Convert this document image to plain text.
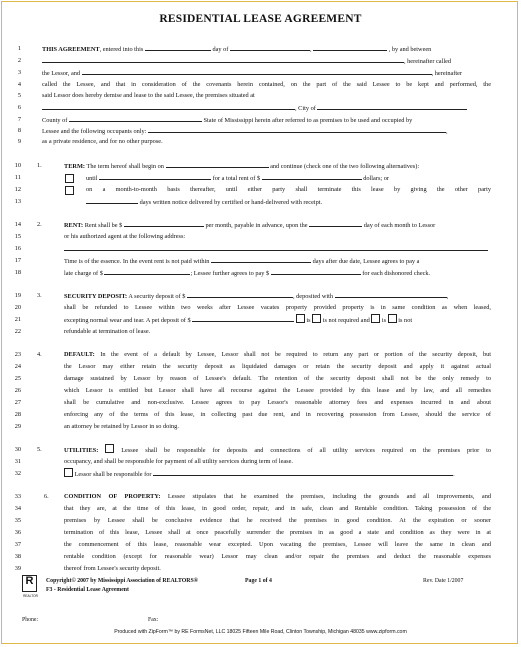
RESIDENTIAL LEASE AGREEMENT
1	THIS AGREEMENT, entered into this	day of	,	, by and between
2	, hereinafter called
3	the Lessor, and	, hereinafter
4	called the Lessee, and that in consideration of the covenants herein contained, on the part of the said Lessee to be kept and performed, the
5	said Lessor does hereby demise and lease to the said Lessee, the premises situated at
6	, City of
7	County of	State of Mississippi herein after referred to as premises to be used and occupied by
8	Lessee and the following occupants only:	,
9	as a private residence, and for no other purpose.
10	1.	TERM: The term hereof shall begin on	and continue (check one of the two following alternatives):
11	until	for a total rent of $	dollars; or
12	on a month-to-month basis thereafter, until either party shall terminate this lease by giving the other party
13	days written notice delivered by certified or hand-delivered with receipt.
14	2.	RENT: Rent shall be $	per month, payable in advance, upon the	day of each month to Lessor
15	or his authorized agent at the following address:
16
17	Time is of the essence. In the event rent is not paid within	days after due date, Lessee agrees to pay a
18	late charge of $	; Lessee further agrees to pay $	for each dishonored check.
19	3.	SECURITY DEPOSIT: A security deposit of $	, deposited with	,
20	shall be refunded to Lessee within two weeks after Lessee vacates property provided property is in same condition as when leased,
21	excepting normal wear and tear. A pet deposit of $	is is not required and is is not
22	refundable at termination of lease.
23	4.	DEFAULT: In the event of a default by Lessee, Lessor shall not be required to return any part or portion of the security deposit, but
24	the Lessor may either retain the security deposit as liquidated damages or retain the security deposit and apply it against actual
25	damage sustained by Lessor by reason of Lessee's default. The retention of the security deposit shall not be the only remedy to
26	which Lessor is entitled but Lessor shall have all recourse against the Lessee provided by this lease and by law, and all remedies
27	shall be cumulative and non-exclusive. Lessee agrees to pay Lessor's reasonable attorney fees and expenses incurred in and about
28	enforcing any of the terms of this lease, in collecting past due rent, and in recovering possession from Lessee, should the service of
29	an attorney be retained by Lessor in so doing.
30	5.	UTILITIES:	Lessee shall be responsible for deposits and connections of all utility services required on the premises prior to
31	occupancy, and shall be responsible for payment of all utility services during term of lease.
32	Lessor shall be responsible for	.
33	6.	CONDITION OF PROPERTY: Lessee stipulates that he examined the premises, including the grounds and all improvements, and
34	that they are, at the time of this lease, in good order, repair, and in safe, clean and Rentable condition. Taking possession of the
35	premises by Lessee shall be conclusive evidence that he received the premises in good condition. At the expiration or sooner
36	termination of this lease, Lessee shall at once peacefully surrender the premises in as good a state and condition as they were in at
37	the commencement of this lease, reasonable wear excepted. Upon vacating the premises, Lessee will leave the same in clean and
38	rentable condition (except for reasonable wear) Lessor may clean and/or repair the premises and deduct the reasonable expenses
39	thereof from Lessee's security deposit.
R
REALTOR
Copyright© 2007 by Mississippi Association of REALTORS®	Page 1 of 4	Rev. Date 1/2007
F3 - Residential Lease Agreement
Phone:	Fax:
Produced with ZipForm™ by RE FormsNet, LLC 18025 Fifteen Mile Road, Clinton Township, Michigan 48035 www.zipform.com
